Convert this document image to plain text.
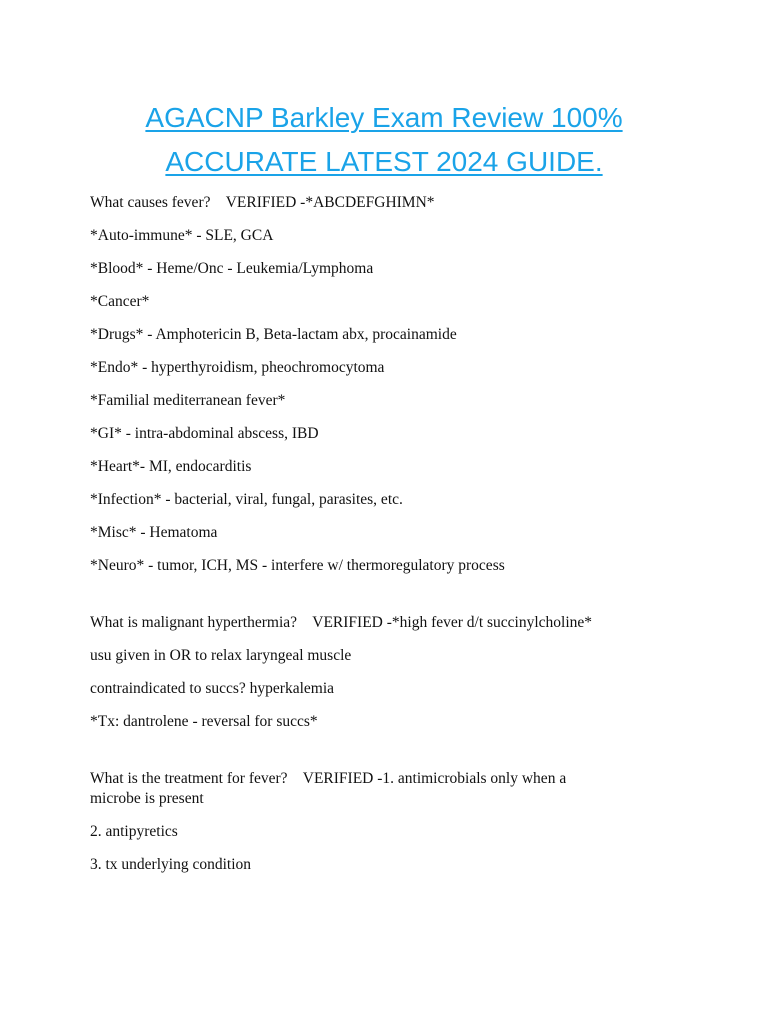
AGACNP Barkley Exam Review 100%
ACCURATE LATEST 2024 GUIDE.
What causes fever?    VERIFIED -*ABCDEFGHIMN*
*Auto-immune* - SLE, GCA
*Blood* - Heme/Onc - Leukemia/Lymphoma
*Cancer*
*Drugs* - Amphotericin B, Beta-lactam abx, procainamide
*Endo* - hyperthyroidism, pheochromocytoma
*Familial mediterranean fever*
*GI* - intra-abdominal abscess, IBD
*Heart*- MI, endocarditis
*Infection* - bacterial, viral, fungal, parasites, etc.
*Misc* - Hematoma
*Neuro* - tumor, ICH, MS - interfere w/ thermoregulatory process
What is malignant hyperthermia?    VERIFIED -*high fever d/t succinylcholine*
usu given in OR to relax laryngeal muscle
contraindicated to succs? hyperkalemia
*Tx: dantrolene - reversal for succs*
What is the treatment for fever?    VERIFIED -1. antimicrobials only when a
microbe is present
2. antipyretics
3. tx underlying condition
